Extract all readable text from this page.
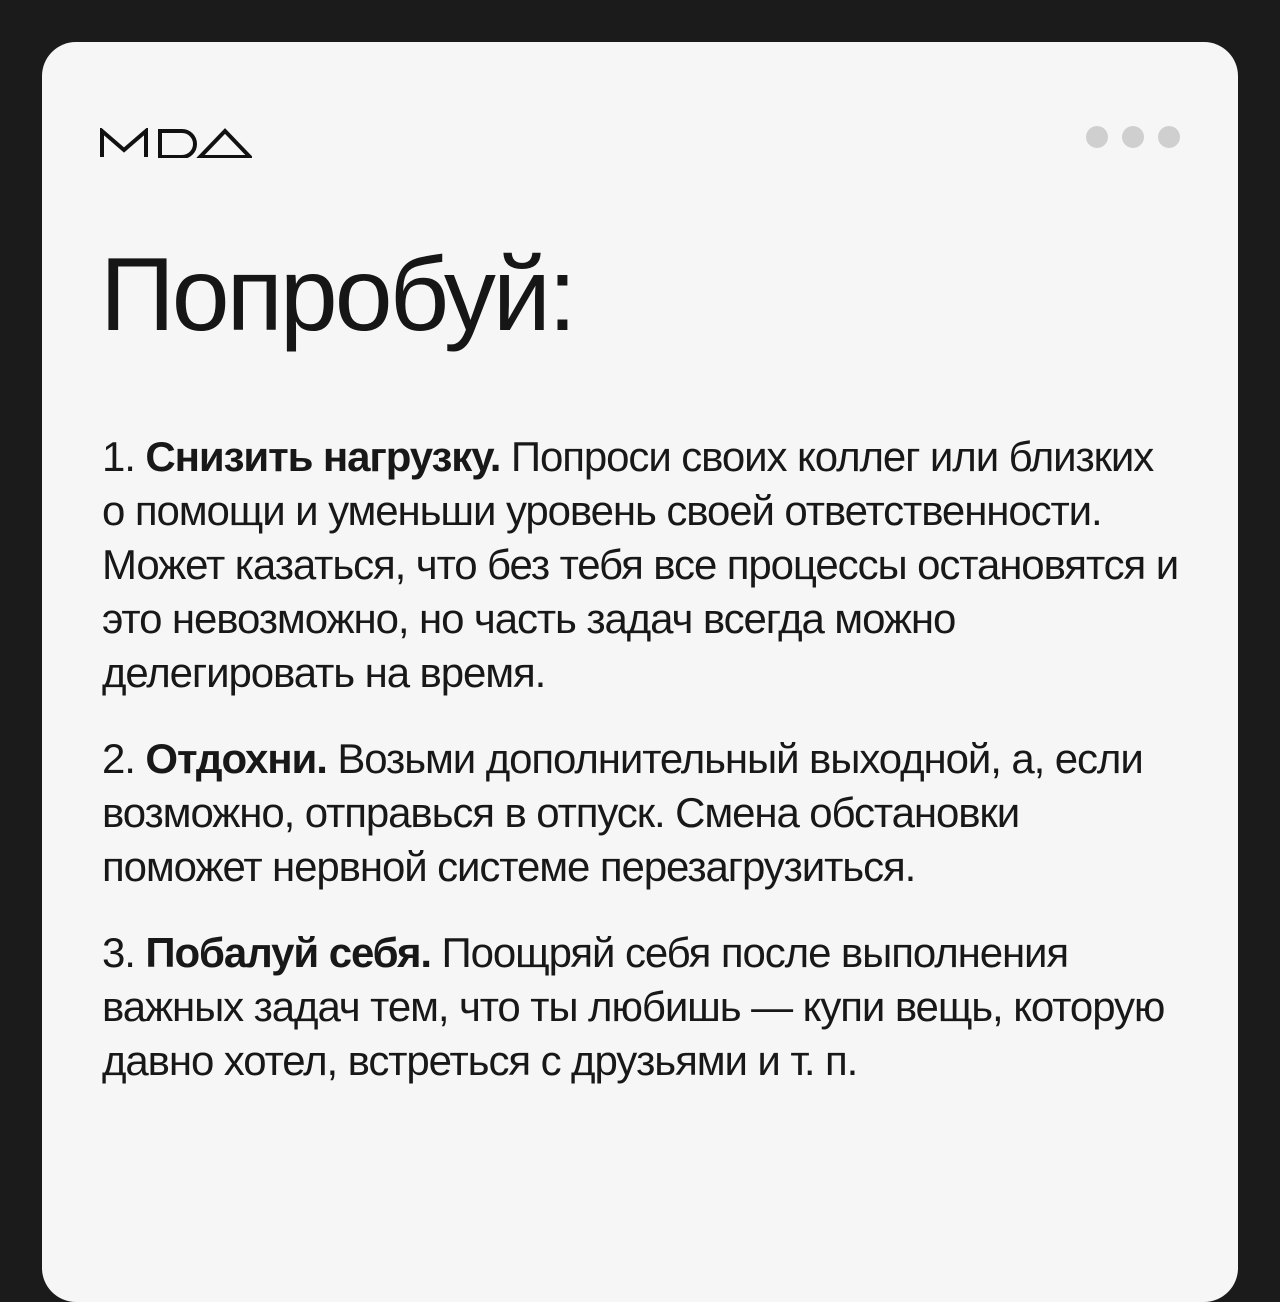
Попробуй:

1. Снизить нагрузку. Попроси своих коллег или близких о помощи и уменьши уровень своей ответственности. Может казаться, что без тебя все процессы остановятся и это невозможно, но часть задач всегда можно делегировать на время.

2. Отдохни. Возьми дополнительный выходной, а, если возможно, отправься в отпуск. Смена обстановки поможет нервной системе перезагрузиться.

3. Побалуй себя. Поощряй себя после выполнения важных задач тем, что ты любишь — купи вещь, которую давно хотел, встреться с друзьями и т. п.
